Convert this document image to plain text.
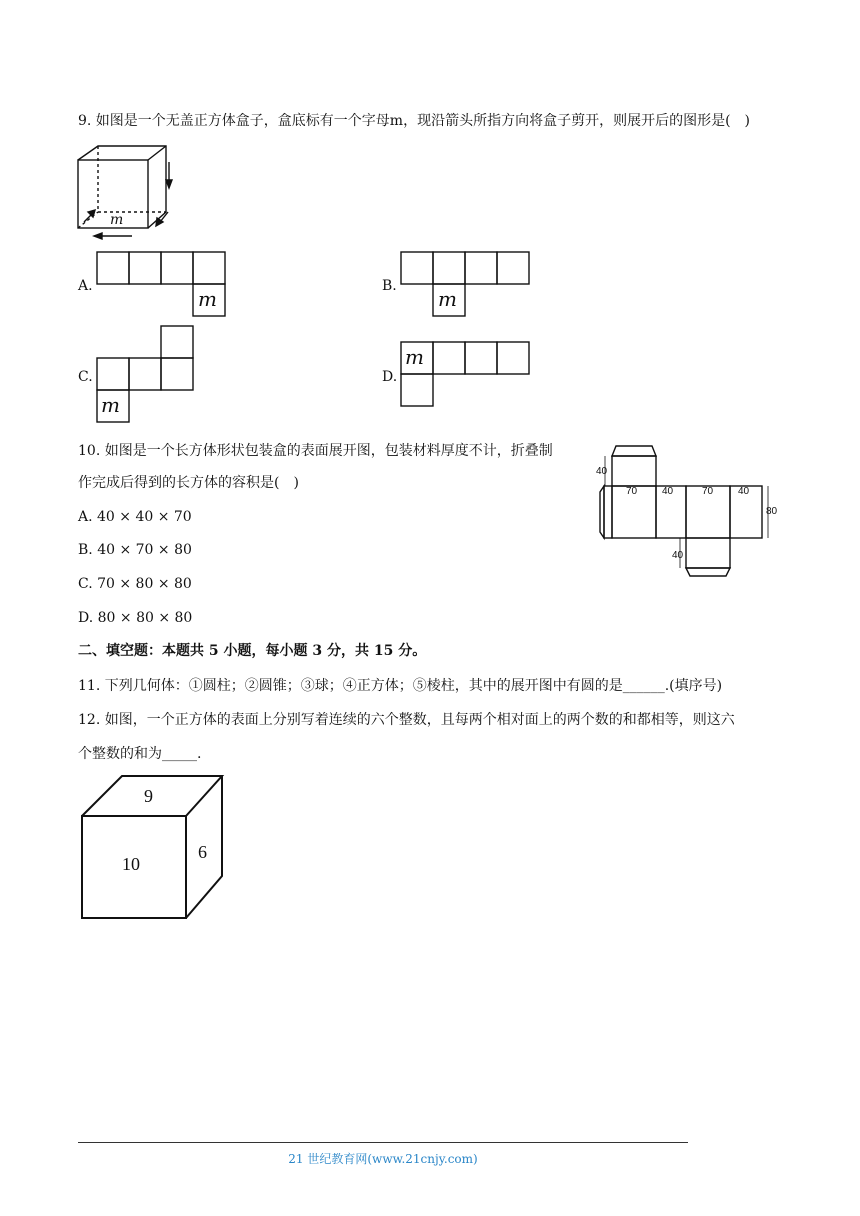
9. 如图是一个无盖正方体盒子，盒底标有一个字母m，现沿箭头所指方向将盒子剪开，则展开后的图形是(　)
m
A.
m
B.
m
C.
m
D.
m
10. 如图是一个长方体形状包装盒的表面展开图，包装材料厚度不计，折叠制
作完成后得到的长方体的容积是(　)
A. 40 × 40 × 70
B. 40 × 70 × 80
C. 70 × 80 × 80
D. 80 × 80 × 80
40
70 40	70 40
80
40
二、填空题：本题共 5 小题，每小题 3 分，共 15 分。
11. 下列几何体：①圆柱；②圆锥；③球；④正方体；⑤棱柱，其中的展开图中有圆的是______.(填序号)
12. 如图，一个正方体的表面上分别写着连续的六个整数，且每两个相对面上的两个数的和都相等，则这六
个整数的和为_____.
9
10
6
21 世纪教育网(www.21cnjy.com)
